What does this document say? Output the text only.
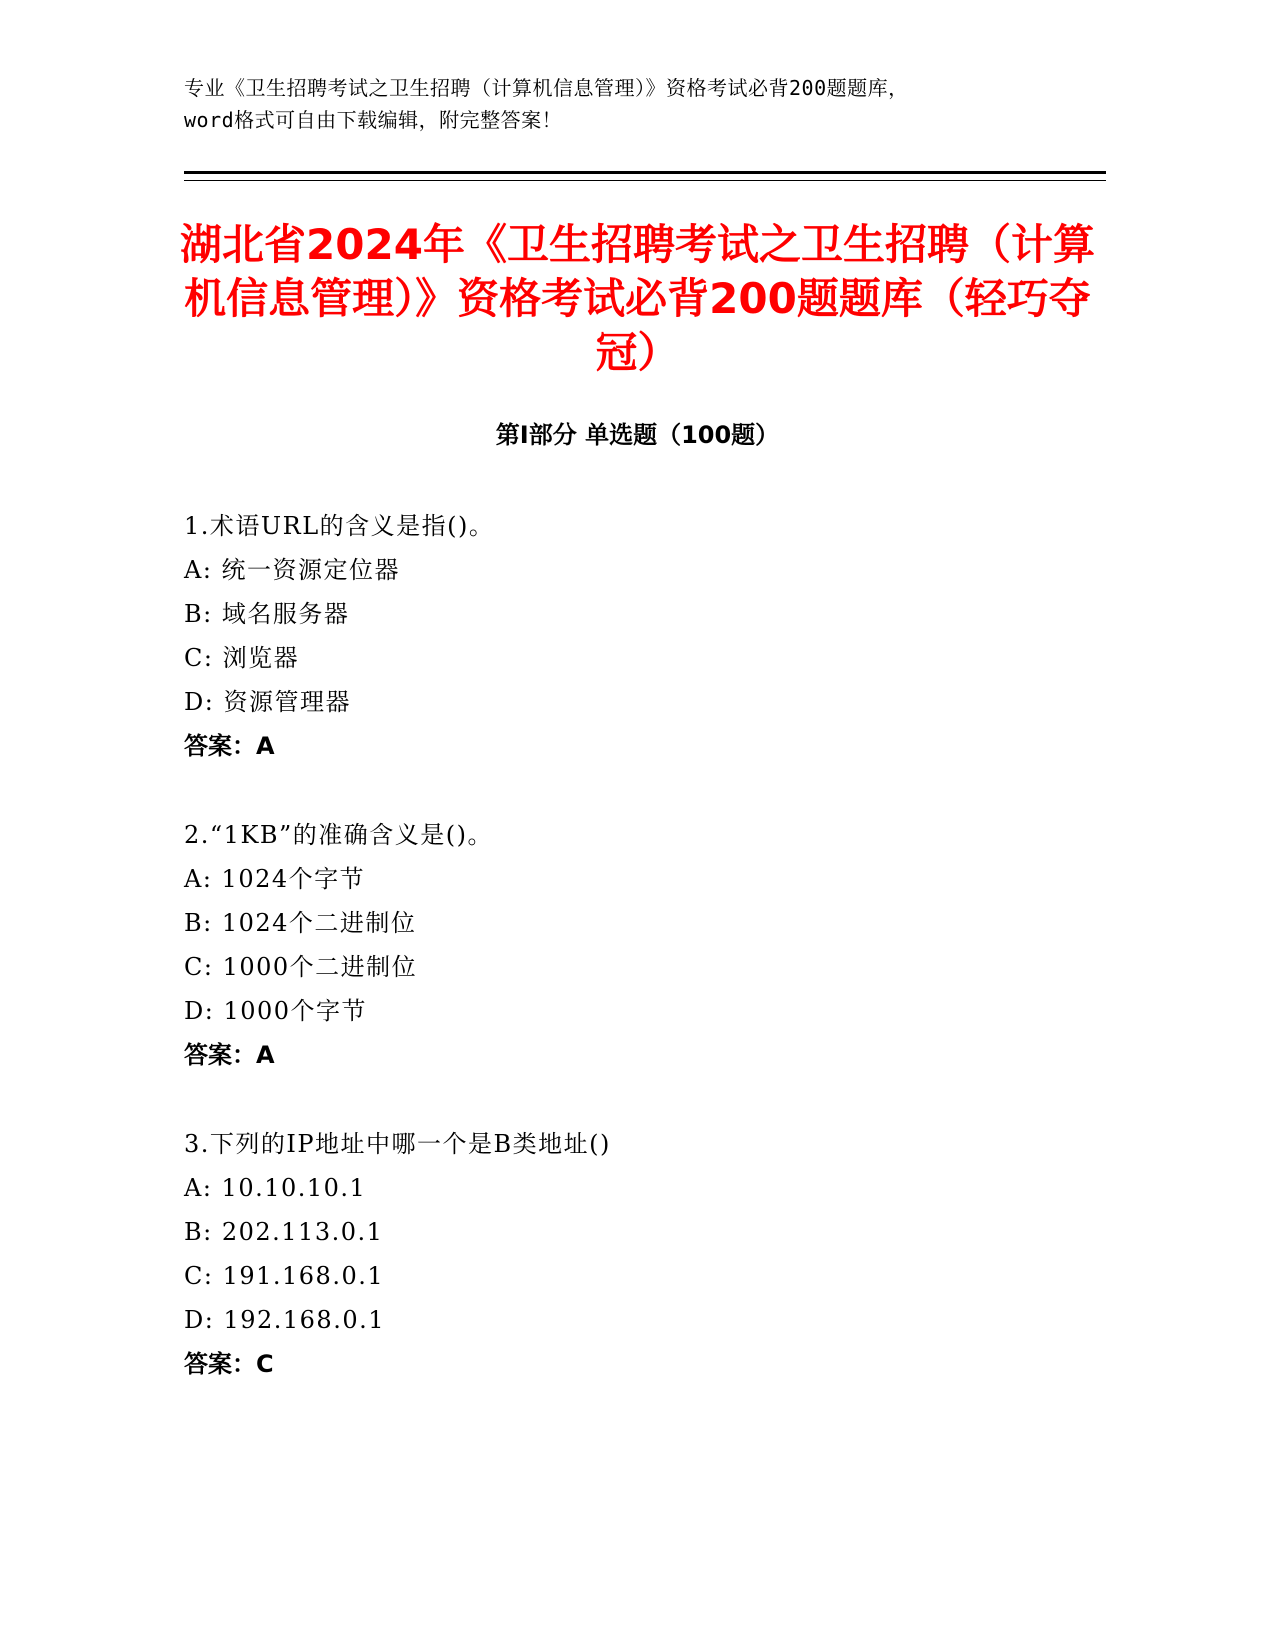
专业《卫生招聘考试之卫生招聘（计算机信息管理）》资格考试必背200题题库，
word格式可自由下载编辑，附完整答案！
湖北省2024年《卫生招聘考试之卫生招聘（计算机信息管理）》资格考试必背200题题库（轻巧夺冠）
第Ⅰ部分 单选题（100题）
1.术语URL的含义是指()。
A: 统一资源定位器
B: 域名服务器
C: 浏览器
D: 资源管理器
答案：A
2.“1KB”的准确含义是()。
A: 1024个字节
B: 1024个二进制位
C: 1000个二进制位
D: 1000个字节
答案：A
3.下列的IP地址中哪一个是B类地址()
A: 10.10.10.1
B: 202.113.0.1
C: 191.168.0.1
D: 192.168.0.1
答案：C
